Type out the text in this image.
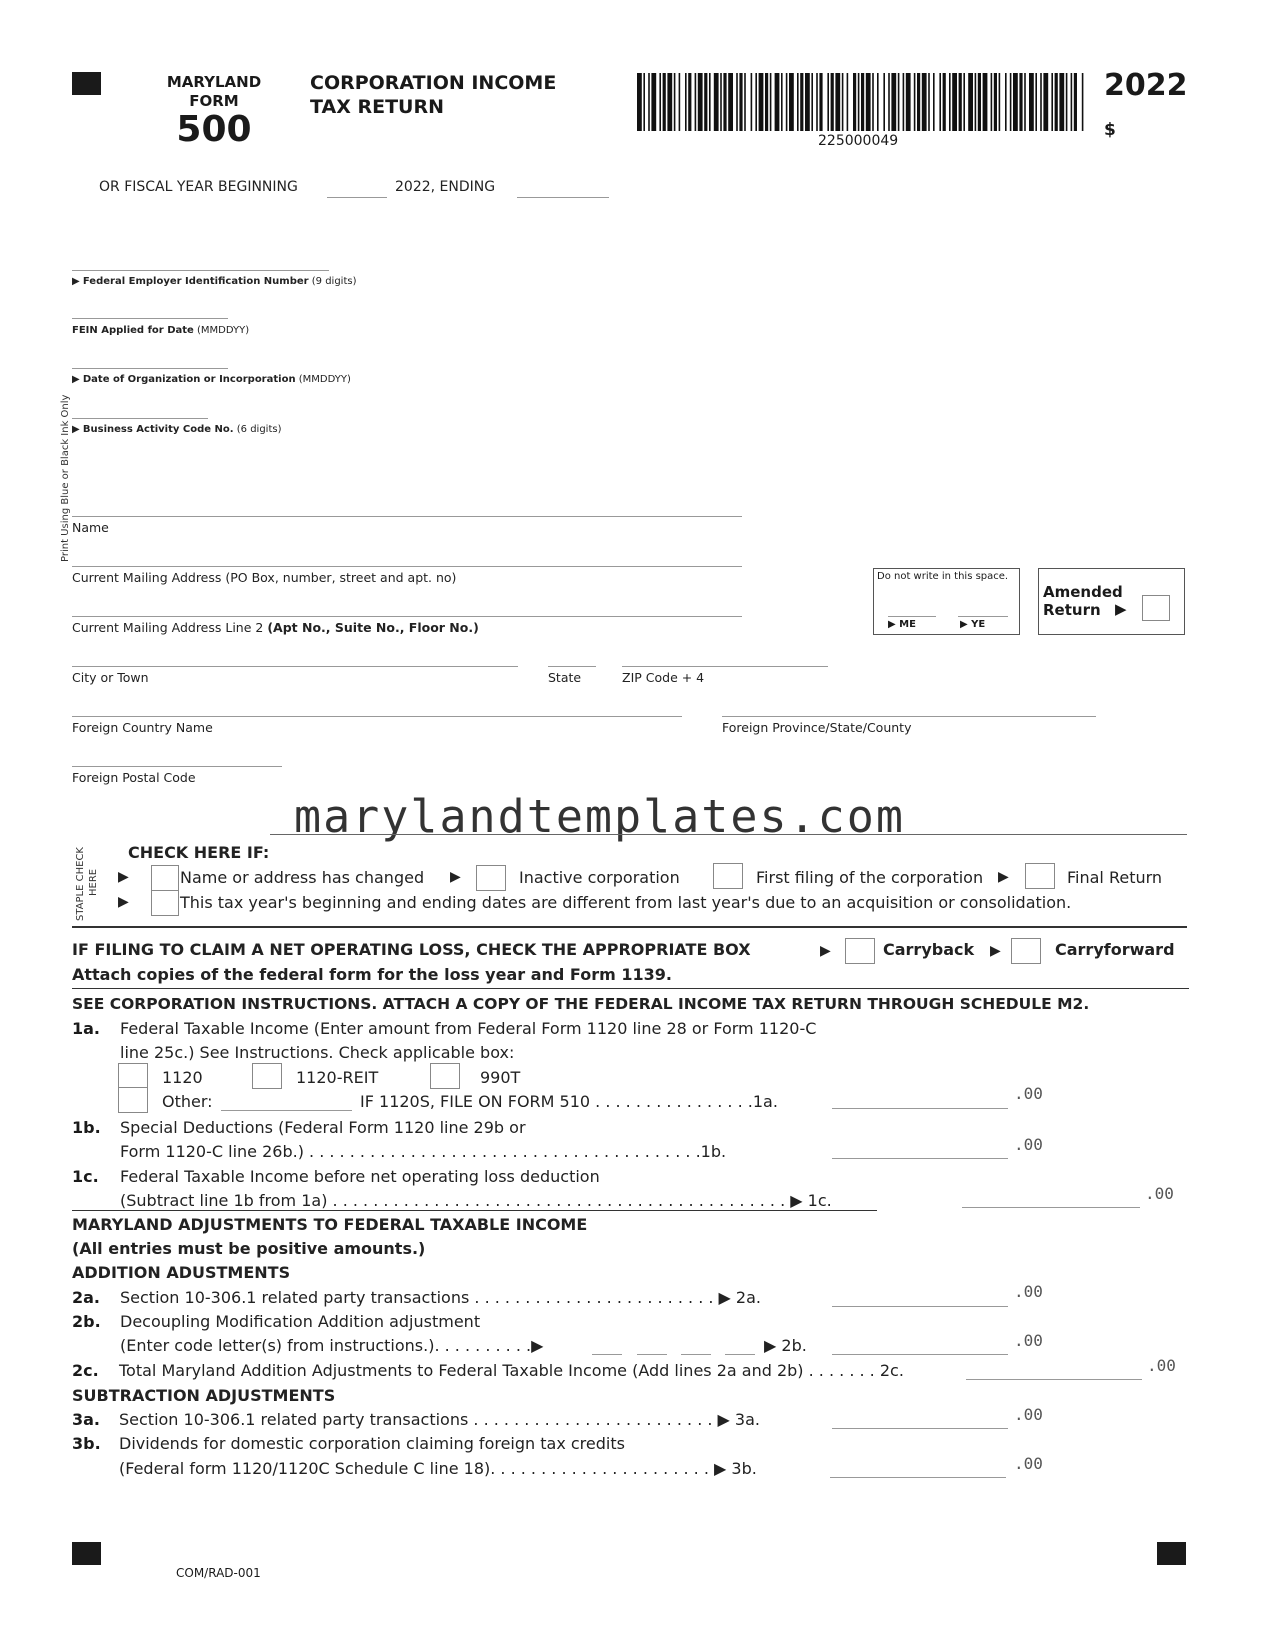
MARYLAND
FORM
500
CORPORATION INCOME
TAX RETURN
225000049
2022
$
OR FISCAL YEAR BEGINNING	2022, ENDING
Print Using Blue or Black Ink Only
▶ Federal Employer Identification Number (9 digits)
FEIN Applied for Date (MMDDYY)
▶ Date of Organization or Incorporation (MMDDYY)
▶ Business Activity Code No. (6 digits)
Name
Current Mailing Address (PO Box, number, street and apt. no)
Current Mailing Address Line 2 (Apt No., Suite No., Floor No.)
City or Town	State	ZIP Code + 4
Foreign Country Name	Foreign Province/State/County
Foreign Postal Code
Do not write in this space.
▶ ME	▶ YE
Amended
Return ▶
marylandtemplates.com
STAPLE CHECK HERE
CHECK HERE IF:
▶	Name or address has changed ▶	Inactive corporation	First filing of the corporation ▶	Final Return
▶	This tax year's beginning and ending dates are different from last year's due to an acquisition or consolidation.
IF FILING TO CLAIM A NET OPERATING LOSS, CHECK THE APPROPRIATE BOX	▶	Carryback ▶	Carryforward
Attach copies of the federal form for the loss year and Form 1139.
SEE CORPORATION INSTRUCTIONS. ATTACH A COPY OF THE FEDERAL INCOME TAX RETURN THROUGH SCHEDULE M2.
1a. Federal Taxable Income (Enter amount from Federal Form 1120 line 28 or Form 1120-C
line 25c.) See Instructions. Check applicable box:
1120	1120-REIT	990T
Other:	IF 1120S, FILE ON FORM 510 . . . . . . . . . . . . . . . .1a.	.00
1b. Special Deductions (Federal Form 1120 line 29b or
Form 1120-C line 26b.) . . . . . . . . . . . . . . . . . . . . . . . . . . . . . . . . . . . . . . .1b.	.00
1c. Federal Taxable Income before net operating loss deduction
(Subtract line 1b from 1a) . . . . . . . . . . . . . . . . . . . . . . . . . . . . . . . . . . . . . . . . . . . . . ▶ 1c.	.00
MARYLAND ADJUSTMENTS TO FEDERAL TAXABLE INCOME
(All entries must be positive amounts.)
ADDITION ADUSTMENTS
2a. Section 10-306.1 related party transactions . . . . . . . . . . . . . . . . . . . . . . . . ▶ 2a.	.00
2b. Decoupling Modification Addition adjustment
(Enter code letter(s) from instructions.). . . . . . . . . .▶	▶ 2b.	.00
2c. Total Maryland Addition Adjustments to Federal Taxable Income (Add lines 2a and 2b) . . . . . . . 2c.	.00
SUBTRACTION ADJUSTMENTS
3a. Section 10-306.1 related party transactions . . . . . . . . . . . . . . . . . . . . . . . . ▶ 3a.	.00
3b. Dividends for domestic corporation claiming foreign tax credits
(Federal form 1120/1120C Schedule C line 18). . . . . . . . . . . . . . . . . . . . . . ▶ 3b.	.00
COM/RAD-001
